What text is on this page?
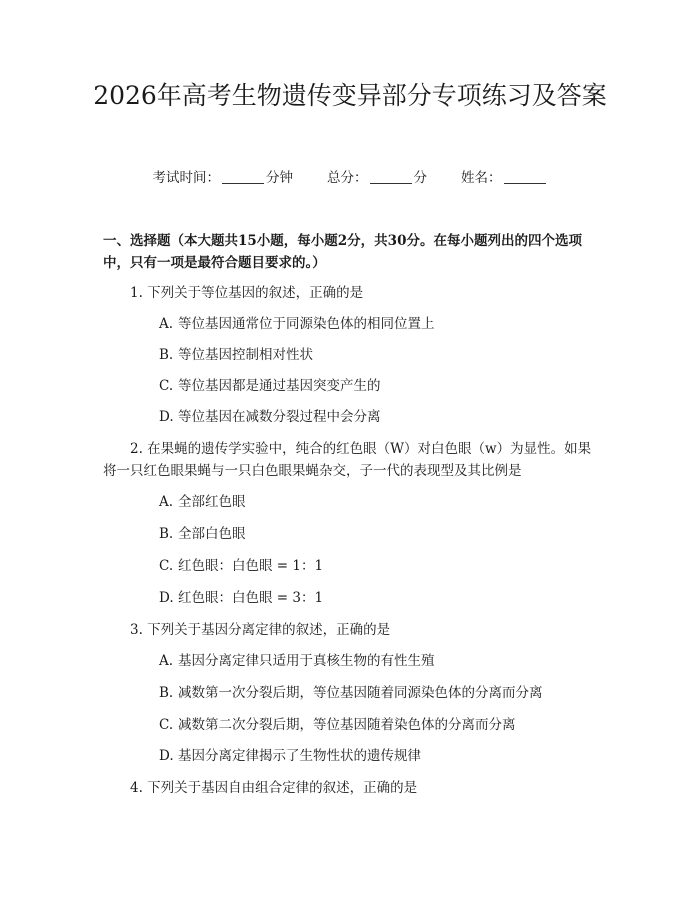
2026年高考生物遗传变异部分专项练习及答案
考试时间：	分钟	总分：	分	姓名：

一、选择题（本大题共15小题，每小题2分，共30分。在每小题列出的四个选项中，只有一项是最符合题目要求的。）

1. 下列关于等位基因的叙述，正确的是

A. 等位基因通常位于同源染色体的相同位置上

B. 等位基因控制相对性状

C. 等位基因都是通过基因突变产生的

D. 等位基因在减数分裂过程中会分离

2. 在果蝇的遗传学实验中，纯合的红色眼（W）对白色眼（w）为显性。如果将一只红色眼果蝇与一只白色眼果蝇杂交，子一代的表现型及其比例是

A. 全部红色眼

B. 全部白色眼

C. 红色眼：白色眼 = 1：1

D. 红色眼：白色眼 = 3：1

3. 下列关于基因分离定律的叙述，正确的是

A. 基因分离定律只适用于真核生物的有性生殖

B. 减数第一次分裂后期，等位基因随着同源染色体的分离而分离

C. 减数第二次分裂后期，等位基因随着染色体的分离而分离

D. 基因分离定律揭示了生物性状的遗传规律

4. 下列关于基因自由组合定律的叙述，正确的是
